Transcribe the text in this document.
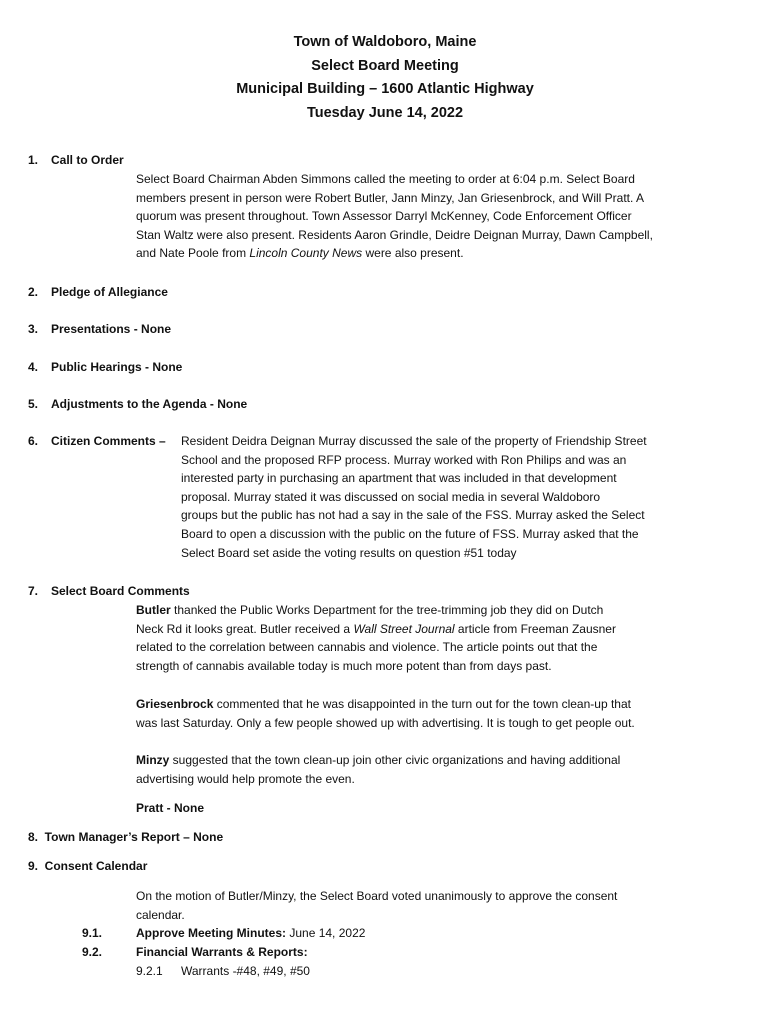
Town of Waldoboro, Maine
Select Board Meeting
Municipal Building – 1600 Atlantic Highway
Tuesday June 14, 2022
1. Call to Order
Select Board Chairman Abden Simmons called the meeting to order at 6:04 p.m. Select Board
members present in person were Robert Butler, Jann Minzy, Jan Griesenbrock, and Will Pratt. A
quorum was present throughout. Town Assessor Darryl McKenney, Code Enforcement Officer
Stan Waltz were also present. Residents Aaron Grindle, Deidre Deignan Murray, Dawn Campbell,
and Nate Poole from Lincoln County News were also present.
2. Pledge of Allegiance
3. Presentations - None
4. Public Hearings - None
5. Adjustments to the Agenda - None
6. Citizen Comments – Resident Deidra Deignan Murray discussed the sale of the property of Friendship Street
School and the proposed RFP process. Murray worked with Ron Philips and was an
interested party in purchasing an apartment that was included in that development
proposal. Murray stated it was discussed on social media in several Waldoboro
groups but the public has not had a say in the sale of the FSS. Murray asked the Select
Board to open a discussion with the public on the future of FSS. Murray asked that the
Select Board set aside the voting results on question #51 today
7. Select Board Comments
Butler thanked the Public Works Department for the tree-trimming job they did on Dutch
Neck Rd it looks great. Butler received a Wall Street Journal article from Freeman Zausner
related to the correlation between cannabis and violence. The article points out that the
strength of cannabis available today is much more potent than from days past.
Griesenbrock commented that he was disappointed in the turn out for the town clean-up that
was last Saturday. Only a few people showed up with advertising. It is tough to get people out.
Minzy suggested that the town clean-up join other civic organizations and having additional
advertising would help promote the even.
Pratt - None
8.  Town Manager’s Report – None
9.  Consent Calendar
On the motion of Butler/Minzy, the Select Board voted unanimously to approve the consent
calendar.
9.1.	Approve Meeting Minutes: June 14, 2022
9.2.	Financial Warrants & Reports:
9.2.1 Warrants -#48, #49, #50
